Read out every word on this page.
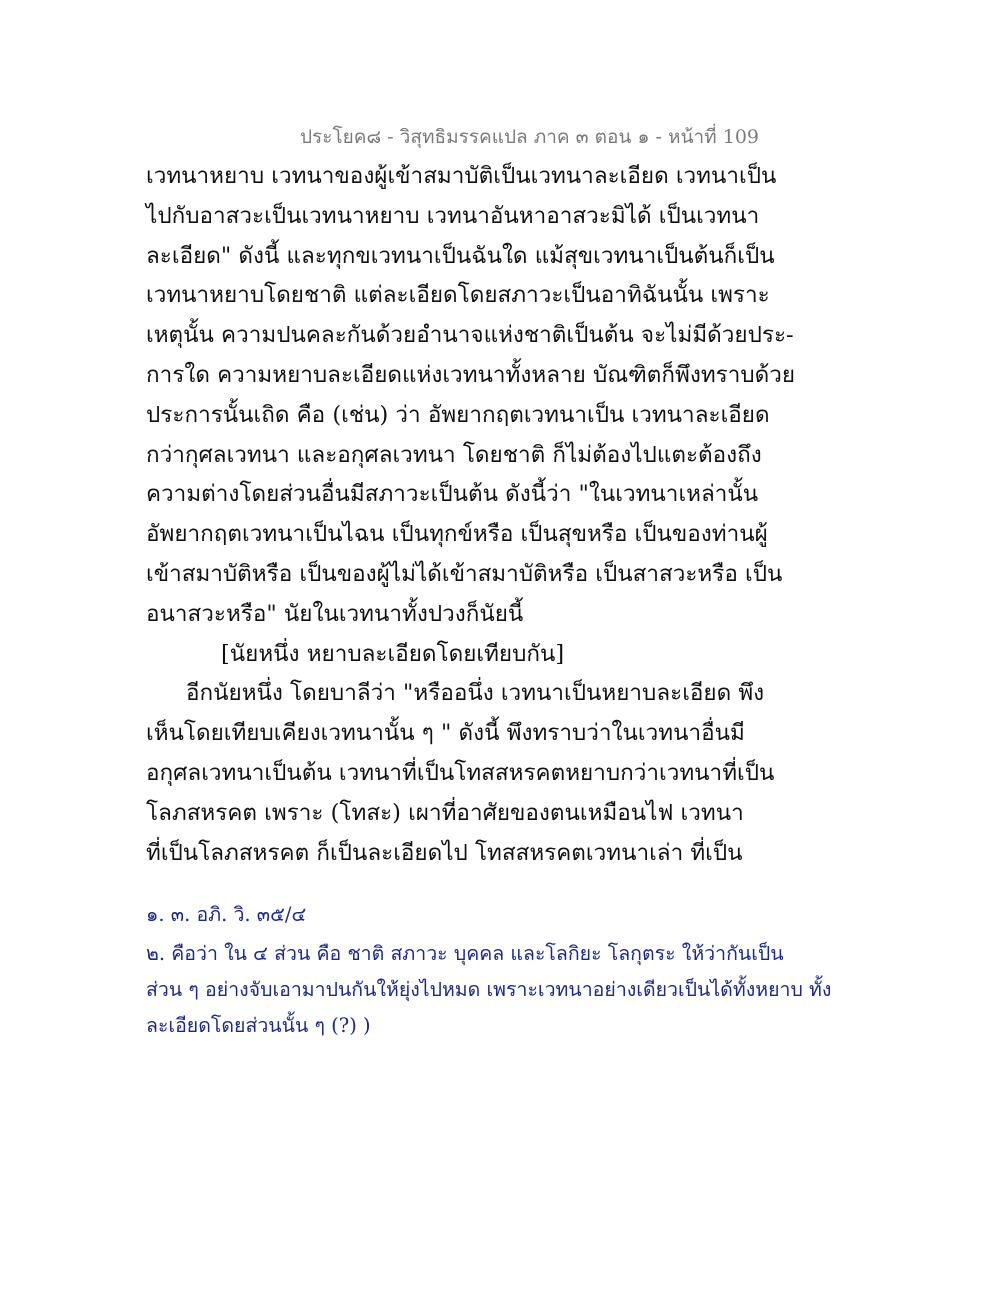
ประโยค๘ - วิสุทธิมรรคแปล ภาค ๓ ตอน ๑ - หน้าที่ 109
เวทนาหยาบ เวทนาของผู้เข้าสมาบัติเป็นเวทนาละเอียด เวทนาเป็น
ไปกับอาสวะเป็นเวทนาหยาบ เวทนาอันหาอาสวะมิได้ เป็นเวทนา
ละเอียด" ดังนี้ และทุกขเวทนาเป็นฉันใด แม้สุขเวทนาเป็นต้นก็เป็น
เวทนาหยาบโดยชาติ แต่ละเอียดโดยสภาวะเป็นอาทิฉันนั้น เพราะ
เหตุนั้น ความปนคละกันด้วยอำนาจแห่งชาติเป็นต้น จะไม่มีด้วยประ-
การใด ความหยาบละเอียดแห่งเวทนาทั้งหลาย บัณฑิตก็พึงทราบด้วย
ประการนั้นเถิด คือ (เช่น) ว่า อัพยากฤตเวทนาเป็น เวทนาละเอียด
กว่ากุศลเวทนา และอกุศลเวทนา โดยชาติ ก็ไม่ต้องไปแตะต้องถึง
ความต่างโดยส่วนอื่นมีสภาวะเป็นต้น ดังนี้ว่า "ในเวทนาเหล่านั้น
อัพยากฤตเวทนาเป็นไฉน เป็นทุกข์หรือ เป็นสุขหรือ เป็นของท่านผู้
เข้าสมาบัติหรือ เป็นของผู้ไม่ได้เข้าสมาบัติหรือ เป็นสาสวะหรือ เป็น
อนาสวะหรือ" นัยในเวทนาทั้งปวงก็นัยนี้
[นัยหนึ่ง หยาบละเอียดโดยเทียบกัน]
อีกนัยหนึ่ง โดยบาลีว่า "หรืออนึ่ง เวทนาเป็นหยาบละเอียด พึง
เห็นโดยเทียบเคียงเวทนานั้น ๆ " ดังนี้ พึงทราบว่าในเวทนาอื่นมี
อกุศลเวทนาเป็นต้น เวทนาที่เป็นโทสสหรคตหยาบกว่าเวทนาที่เป็น
โลภสหรคต เพราะ (โทสะ) เผาที่อาศัยของตนเหมือนไฟ เวทนา
ที่เป็นโลภสหรคต ก็เป็นละเอียดไป โทสสหรคตเวทนาเล่า ที่เป็น
๑. ๓. อภิ. วิ. ๓๕/๔
๒. คือว่า ใน ๔ ส่วน คือ ชาติ สภาวะ บุคคล และโลกิยะ โลกุตระ ให้ว่ากันเป็น
ส่วน ๆ อย่างจับเอามาปนกันให้ยุ่งไปหมด เพราะเวทนาอย่างเดียวเป็นได้ทั้งหยาบ ทั้ง
ละเอียดโดยส่วนนั้น ๆ (?) )
